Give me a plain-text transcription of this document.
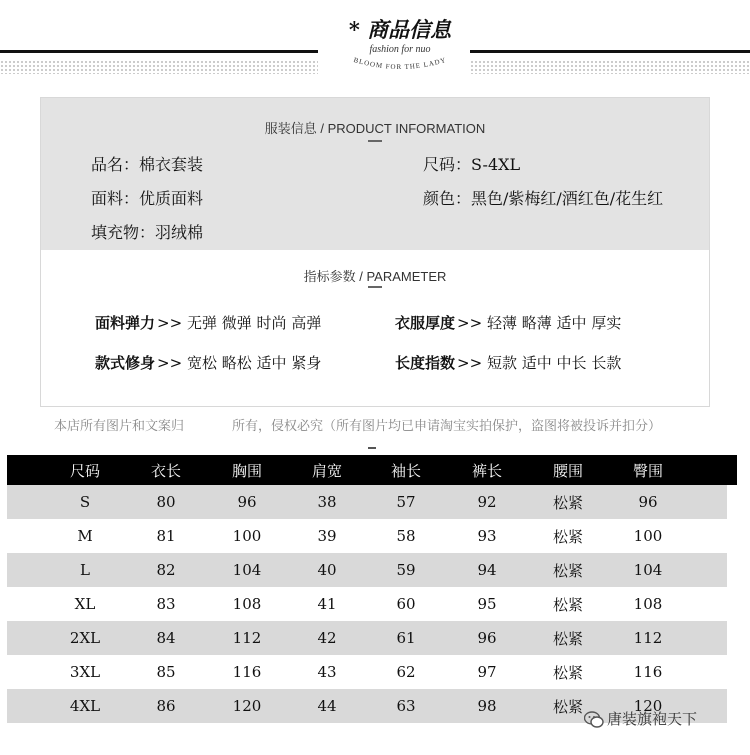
* 商品信息
fashion for nuo
BLOOM FOR THE LADY
服装信息 / PRODUCT INFORMATION
品名：棉衣套装	尺码：S-4XL
面料：优质面料	颜色：黑色/紫梅红/酒红色/花生红
填充物：羽绒棉
指标参数 / PARAMETER
面料弹力 >> 无弹 微弹 时尚 高弹	衣服厚度 >> 轻薄 略薄 适中 厚实
款式修身 >> 宽松 略松 适中 紧身	长度指数 >> 短款 适中 中长 长款
本店所有图片和文案归	所有，侵权必究（所有图片均已申请淘宝实拍保护，盗图将被投诉并扣分）
尺码	衣长	胸围	肩宽	袖长	裤长	腰围	臀围
S	80	96	38	57	92	松紧	96
M	81	100	39	58	93	松紧	100
L	82	104	40	59	94	松紧	104
XL	83	108	41	60	95	松紧	108
2XL	84	112	42	61	96	松紧	112
3XL	85	116	43	62	97	松紧	116
4XL	86	120	44	63	98	松紧	120
唐装旗袍天下
